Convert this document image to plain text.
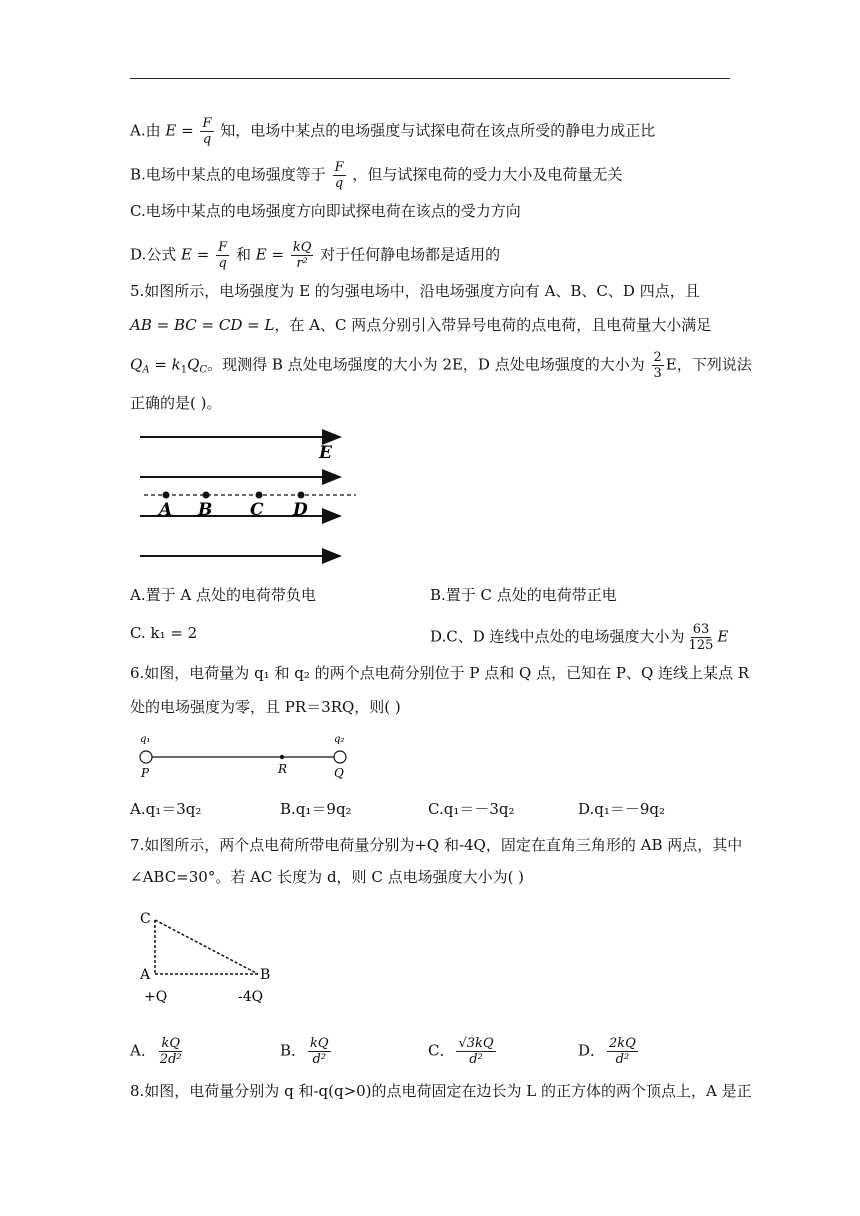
A.由 $E = \frac{F}{q}$ 知，电场中某点的电场强度与试探电荷在该点所受的静电力成正比
B.电场中某点的电场强度等于 $\frac{F}{q}$ ，但与试探电荷的受力大小及电荷量无关
C.电场中某点的电场强度方向即试探电荷在该点的受力方向
D.公式 $E = \frac{F}{q}$ 和 $E = \frac{kQ}{\text{r²}}$ 对于任何静电场都是适用的
5.如图所示，电场强度为 E 的匀强电场中，沿电场强度方向有 A、B、C、D 四点，且
AB = BC = CD = L，在 A、C 两点分别引入带异号电荷的点电荷，且电荷量大小满足
$Q_A = k_1Q_C$。现测得 B 点处电场强度的大小为 2E，D 点处电场强度的大小为 $\frac{2}{3}$ E，下列说法
正确的是( )。
E
A B C D
A.置于 A 点处的电荷带负电	B.置于 C 点处的电荷带正电
C. k₁ = 2	D.C、D 连线中点处的电场强度大小为 $\frac{63}{125}$ E
6.如图，电荷量为 q₁ 和 q₂ 的两个点电荷分别位于 P 点和 Q 点，已知在 P、Q 连线上某点 R
处的电场强度为零，且 PR＝3RQ，则( )
q₁	q₂
P	R	Q
A.q₁＝3q₂	B.q₁＝9q₂	C.q₁＝－3q₂	D.q₁＝－9q₂
7.如图所示，两个点电荷所带电荷量分别为+Q 和-4Q，固定在直角三角形的 AB 两点，其中
∠ABC=30°。若 AC 长度为 d，则 C 点电场强度大小为( )
C
A	B
+Q	-4Q
A． $\frac{kQ}{\text{2d²}}$	B． $\frac{kQ}{\text{d²}}$	C． $\frac{√3kQ}{\text{d²}}$	D． $\frac{2kQ}{\text{d²}}$
8.如图，电荷量分别为 q 和-q(q>0)的点电荷固定在边长为 L 的正方体的两个顶点上，A 是正
